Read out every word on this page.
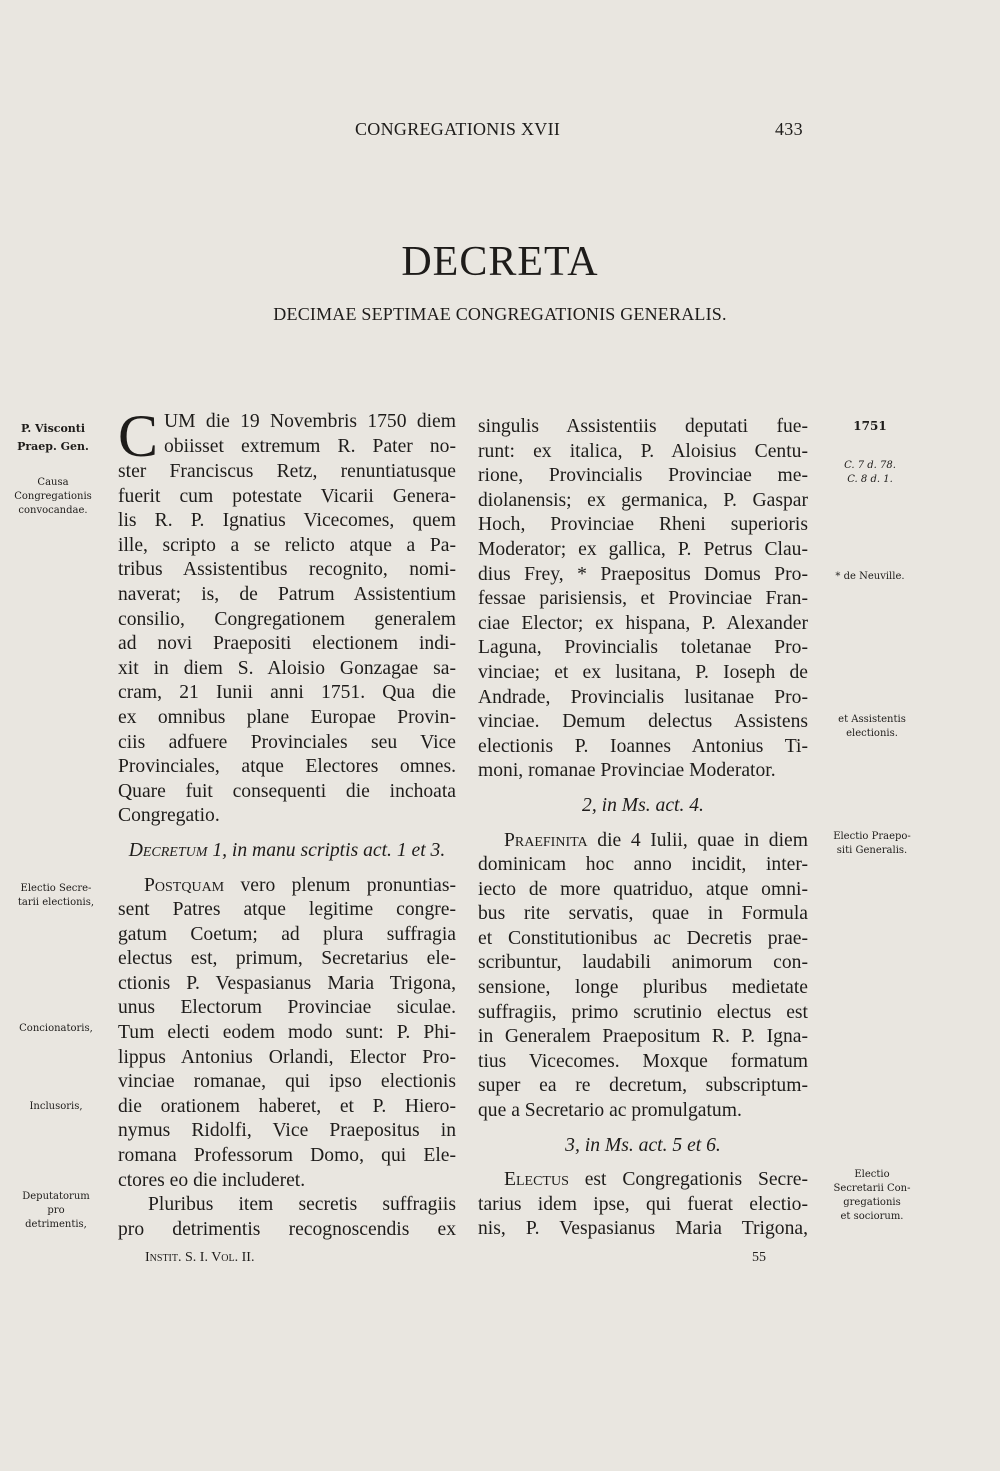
CONGREGATIONIS XVII	433
DECRETA
DECIMAE SEPTIMAE CONGREGATIONIS GENERALIS.
P. Visconti
Praep. Gen.
Causa
Congregationis
convocandae.
Electio Secre-
tarii electionis,
Concionatoris,
Inclusoris,
Deputatorum
pro
detrimentis,
1751
C. 7 d. 78.
C. 8 d. 1.
* de Neuville.
et Assistentis
electionis.
Electio Praepo-
siti Generalis.
Electio
Secretarii Con-
gregationis
et sociorum.
C UM die 19 Novembris 1750 diem
obiisset extremum R. Pater no-
ster Franciscus Retz, renuntiatusque
fuerit cum potestate Vicarii Genera-
lis R. P. Ignatius Vicecomes, quem
ille, scripto a se relicto atque a Pa-
tribus Assistentibus recognito, nomi-
naverat; is, de Patrum Assistentium
consilio, Congregationem generalem
ad novi Praepositi electionem indi-
xit in diem S. Aloisio Gonzagae sa-
cram, 21 Iunii anni 1751. Qua die
ex omnibus plane Europae Provin-
ciis adfuere Provinciales seu Vice
Provinciales, atque Electores omnes.
Quare fuit consequenti die inchoata
Congregatio.
Decretum 1, in manu scriptis act. 1 et 3.
Postquam vero plenum pronuntias-
sent Patres atque legitime congre-
gatum Coetum; ad plura suffragia
electus est, primum, Secretarius ele-
ctionis P. Vespasianus Maria Trigona,
unus Electorum Provinciae siculae.
Tum electi eodem modo sunt: P. Phi-
lippus Antonius Orlandi, Elector Pro-
vinciae romanae, qui ipso electionis
die orationem haberet, et P. Hiero-
nymus Ridolfi, Vice Praepositus in
romana Professorum Domo, qui Ele-
ctores eo die includeret.
Pluribus item secretis suffragiis
pro detrimentis recognoscendis ex
singulis Assistentiis deputati fue-
runt: ex italica, P. Aloisius Centu-
rione, Provincialis Provinciae me-
diolanensis; ex germanica, P. Gaspar
Hoch, Provinciae Rheni superioris
Moderator; ex gallica, P. Petrus Clau-
dius Frey, * Praepositus Domus Pro-
fessae parisiensis, et Provinciae Fran-
ciae Elector; ex hispana, P. Alexander
Laguna, Provincialis toletanae Pro-
vinciae; et ex lusitana, P. Ioseph de
Andrade, Provincialis lusitanae Pro-
vinciae. Demum delectus Assistens
electionis P. Ioannes Antonius Ti-
moni, romanae Provinciae Moderator.
2, in Ms. act. 4.
Praefinita die 4 Iulii, quae in diem
dominicam hoc anno incidit, inter-
iecto de more quatriduo, atque omni-
bus rite servatis, quae in Formula
et Constitutionibus ac Decretis prae-
scribuntur, laudabili animorum con-
sensione, longe pluribus medietate
suffragiis, primo scrutinio electus est
in Generalem Praepositum R. P. Igna-
tius Vicecomes. Moxque formatum
super ea re decretum, subscriptum-
que a Secretario ac promulgatum.
3, in Ms. act. 5 et 6.
Electus est Congregationis Secre-
tarius idem ipse, qui fuerat electio-
nis, P. Vespasianus Maria Trigona,
Instit. S. I. Vol. II.	55
